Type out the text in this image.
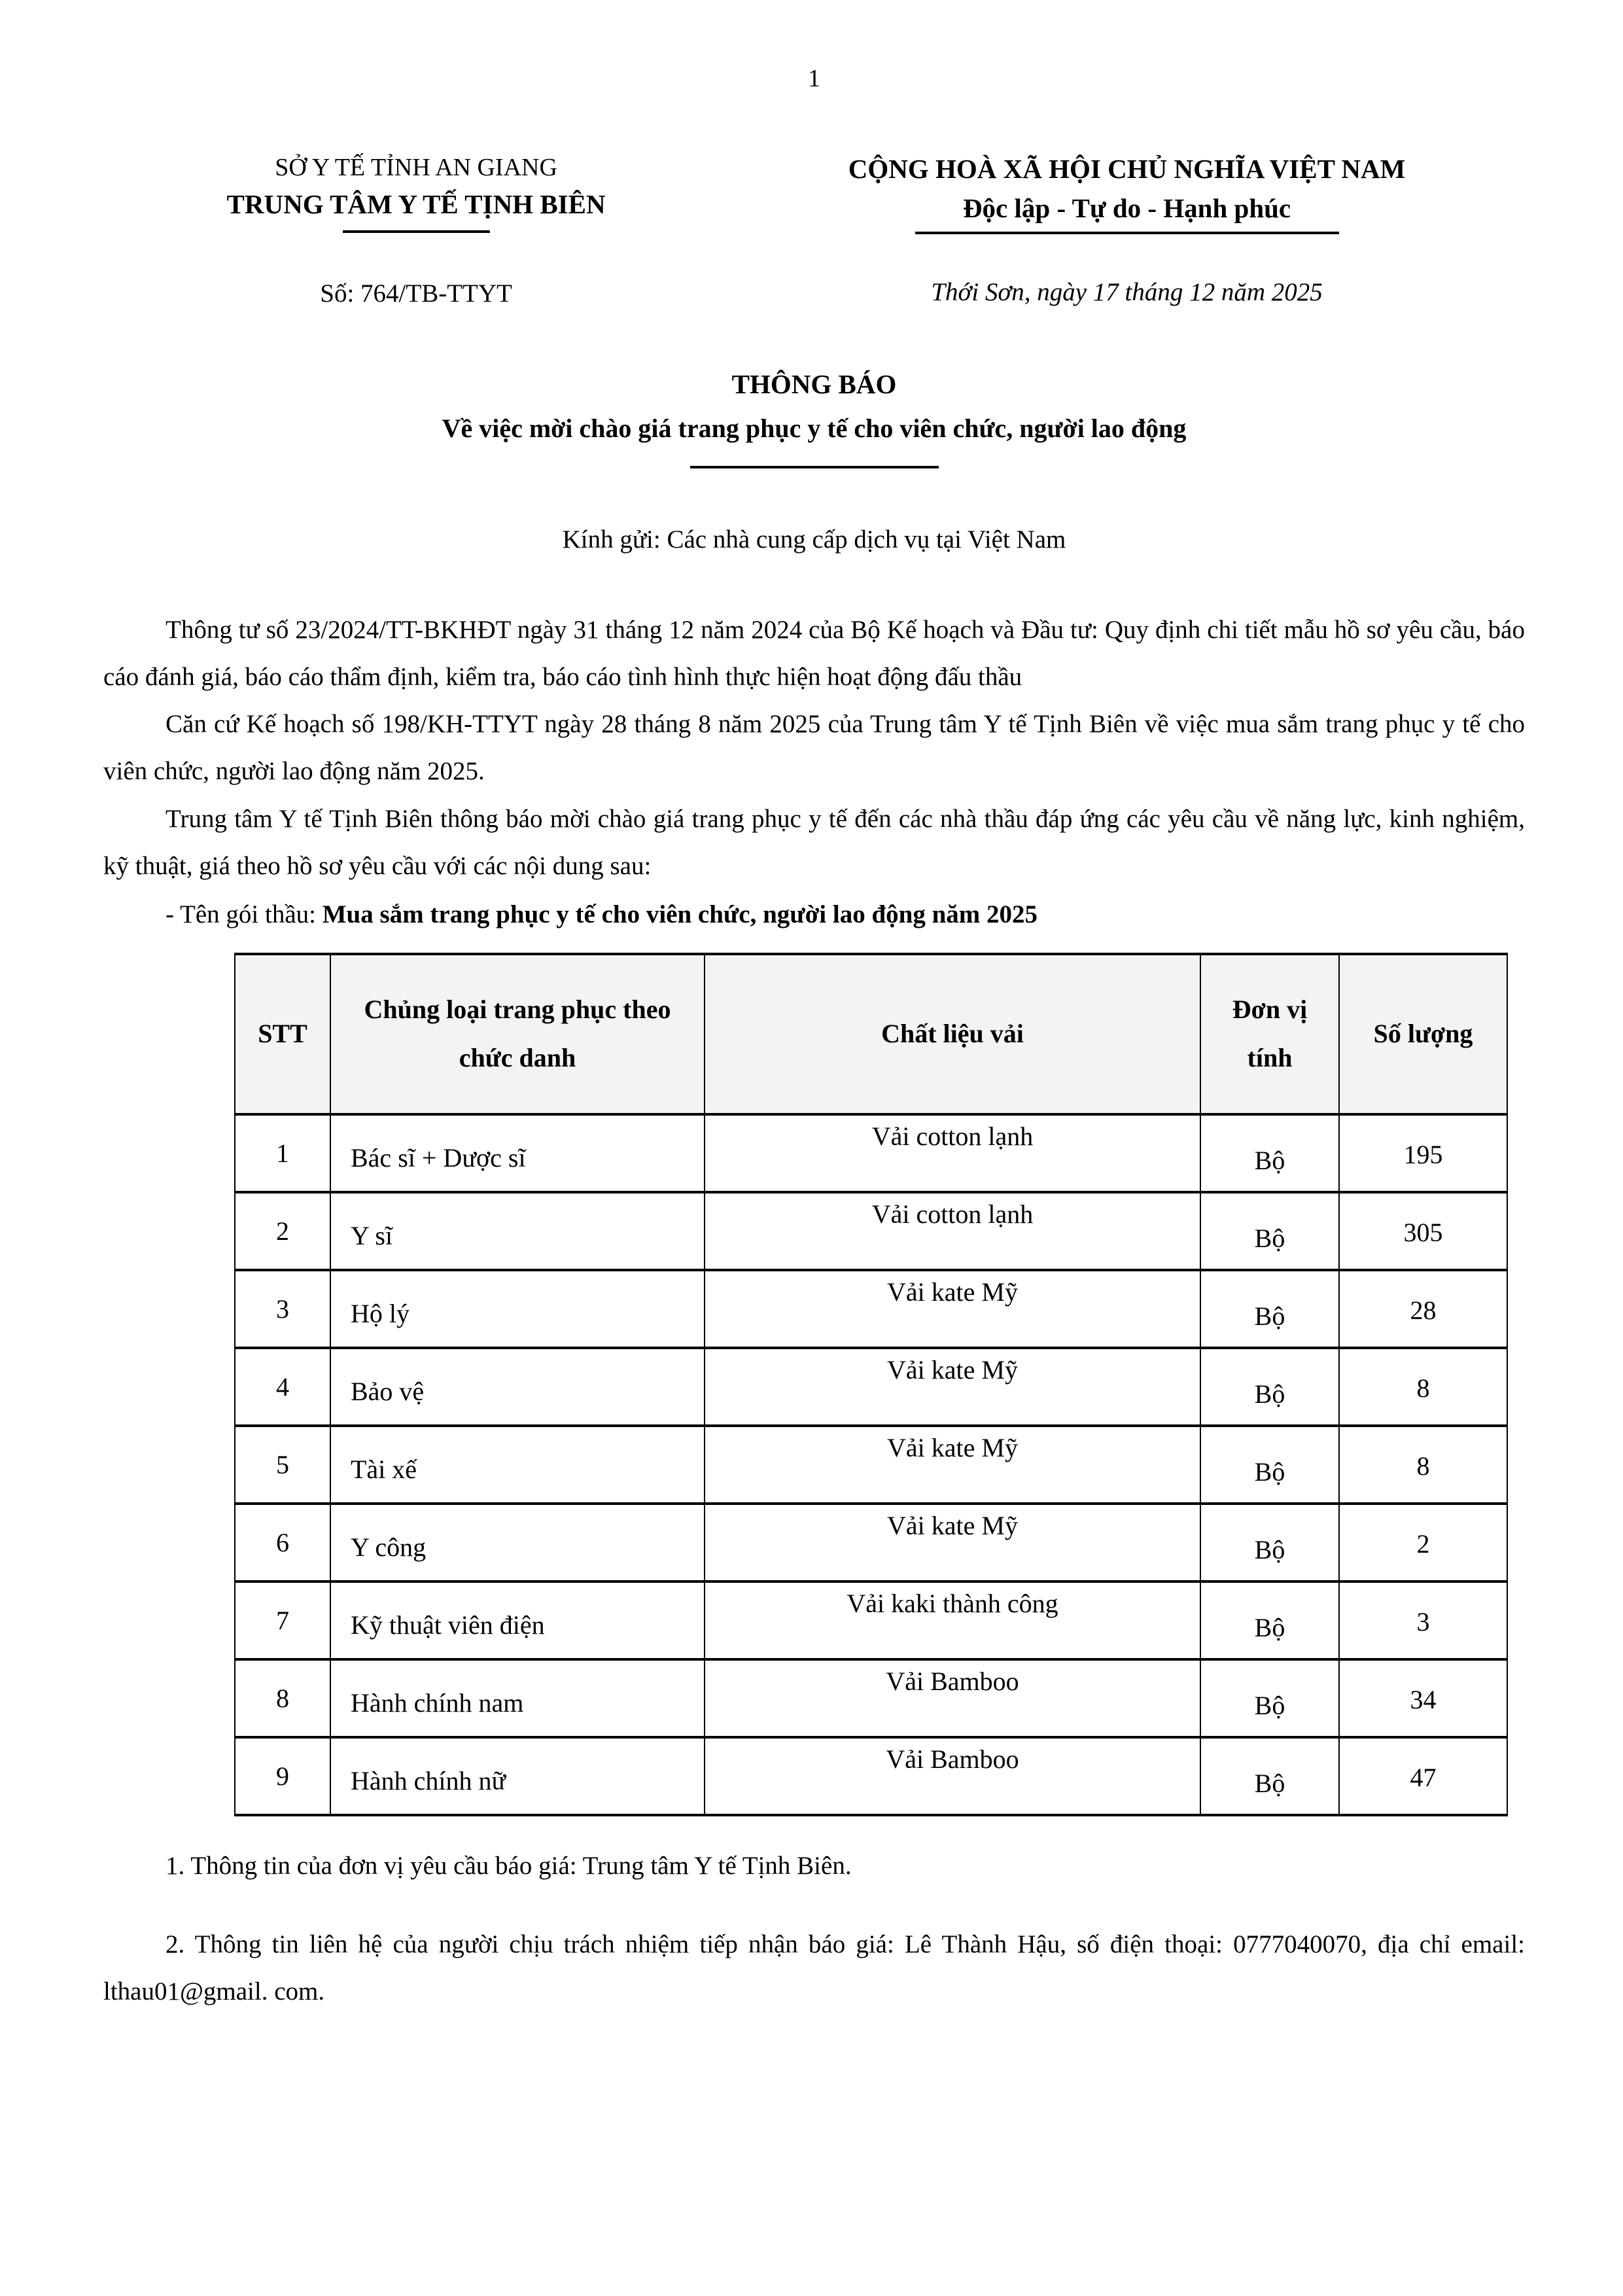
1
SỞ Y TẾ TỈNH AN GIANG
TRUNG TÂM Y TẾ TỊNH BIÊN
Số: 764/TB-TTYT
CỘNG HOÀ XÃ HỘI CHỦ NGHĨA VIỆT NAM
Độc lập - Tự do - Hạnh phúc
Thới Sơn, ngày 17 tháng 12 năm 2025
THÔNG BÁO
Về việc mời chào giá trang phục y tế cho viên chức, người lao động
Kính gửi: Các nhà cung cấp dịch vụ tại Việt Nam

Thông tư số 23/2024/TT-BKHĐT ngày 31 tháng 12 năm 2024 của Bộ Kế hoạch và Đầu tư: Quy định chi tiết mẫu hồ sơ yêu cầu, báo cáo đánh giá, báo cáo thẩm định, kiểm tra, báo cáo tình hình thực hiện hoạt động đấu thầu

Căn cứ Kế hoạch số 198/KH-TTYT ngày 28 tháng 8 năm 2025 của Trung tâm Y tế Tịnh Biên về việc mua sắm trang phục y tế cho viên chức, người lao động năm 2025.

Trung tâm Y tế Tịnh Biên thông báo mời chào giá trang phục y tế đến các nhà thầu đáp ứng các yêu cầu về năng lực, kinh nghiệm, kỹ thuật, giá theo hồ sơ yêu cầu với các nội dung sau:

- Tên gói thầu: Mua sắm trang phục y tế cho viên chức, người lao động năm 2025

STT	Chủng loại trang phục theo chức danh	Chất liệu vải	Đơn vị tính	Số lượng
1	Bác sĩ + Dược sĩ	Vải cotton lạnh	Bộ	195
2	Y sĩ	Vải cotton lạnh	Bộ	305
3	Hộ lý	Vải kate Mỹ	Bộ	28
4	Bảo vệ	Vải kate Mỹ	Bộ	8
5	Tài xế	Vải kate Mỹ	Bộ	8
6	Y công	Vải kate Mỹ	Bộ	2
7	Kỹ thuật viên điện	Vải kaki thành công	Bộ	3
8	Hành chính nam	Vải Bamboo	Bộ	34
9	Hành chính nữ	Vải Bamboo	Bộ	47

1. Thông tin của đơn vị yêu cầu báo giá: Trung tâm Y tế Tịnh Biên.

2. Thông tin liên hệ của người chịu trách nhiệm tiếp nhận báo giá: Lê Thành Hậu, số điện thoại: 0777040070, địa chỉ email: lthau01@gmail. com.
